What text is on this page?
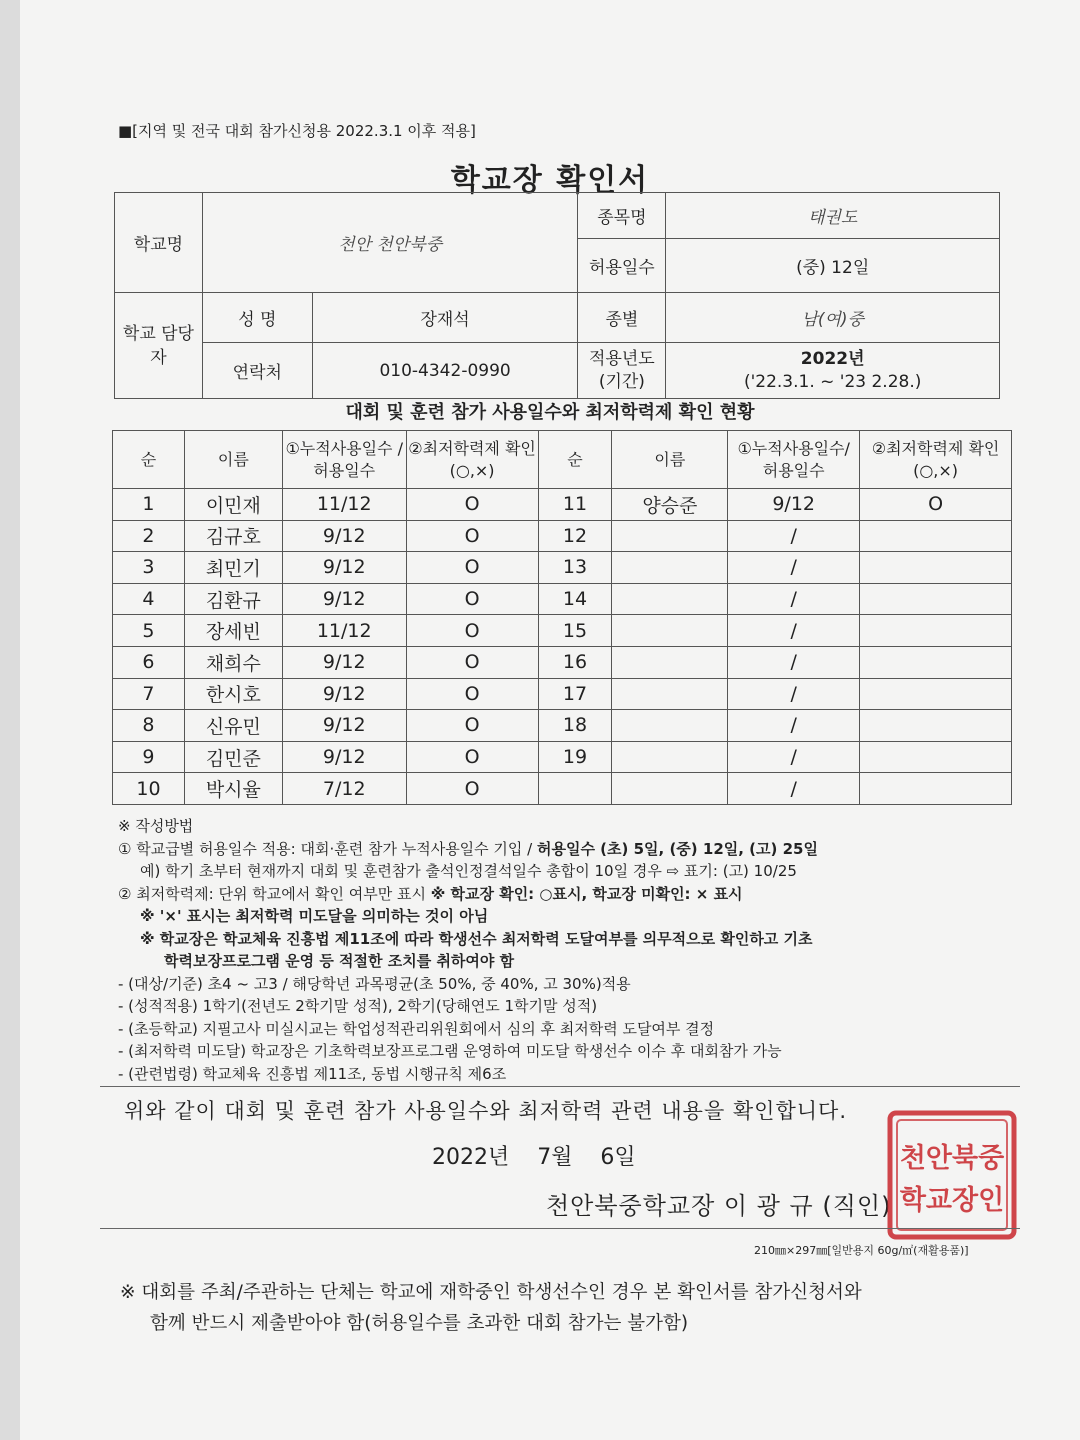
■[지역 및 전국 대회 참가신청용 2022.3.1 이후 적용]
학교장 확인서
학교명	천안 천안북중		종목명	태권도
			허용일수	(중) 12일
학교 담당자	성 명	장재석	종별	남(여)중
	연락처	010-4342-0990	적용년도 (기간)	2022년
('22.3.1. ~ '23 2.28.)
대회 및 훈련 참가 사용일수와 최저학력제 확인 현황
순	이름	①누적사용일수 /허용일수	②최저학력제 확인(○,×)	순	이름	①누적사용일수/ 허용일수	②최저학력제 확인(○,×)
1	이민재	11/12	O	11	양승준	9/12	O
2	김규호	9/12	O	12		/	
3	최민기	9/12	O	13		/	
4	김환규	9/12	O	14		/	
5	장세빈	11/12	O	15		/	
6	채희수	9/12	O	16		/	
7	한시호	9/12	O	17		/	
8	신유민	9/12	O	18		/	
9	김민준	9/12	O	19		/	
10	박시율	7/12	O			/	
※ 작성방법
① 학교급별 허용일수 적용: 대회·훈련 참가 누적사용일수 기입 / 허용일수 (초) 5일, (중) 12일, (고) 25일
예) 학기 초부터 현재까지 대회 및 훈련참가 출석인정결석일수 총합이 10일 경우 ⇨ 표기: (고) 10/25
② 최저학력제: 단위 학교에서 확인 여부만 표시 ※ 학교장 확인: ○표시, 학교장 미확인: × 표시
※ '×' 표시는 최저학력 미도달을 의미하는 것이 아님
※ 학교장은 학교체육 진흥법 제11조에 따라 학생선수 최저학력 도달여부를 의무적으로 확인하고 기초
학력보장프로그램 운영 등 적절한 조치를 취하여야 함
- (대상/기준) 초4 ~ 고3 / 해당학년 과목평균(초 50%, 중 40%, 고 30%)적용
- (성적적용) 1학기(전년도 2학기말 성적), 2학기(당해연도 1학기말 성적)
- (초등학교) 지필고사 미실시교는 학업성적관리위원회에서 심의 후 최저학력 도달여부 결정
- (최저학력 미도달) 학교장은 기초학력보장프로그램 운영하여 미도달 학생선수 이수 후 대회참가 가능
- (관련법령) 학교체육 진흥법 제11조, 동법 시행규칙 제6조
위와 같이 대회 및 훈련 참가 사용일수와 최저학력 관련 내용을 확인합니다.
2022년    7월    6일
천안북중학교장 이 광 규 (직인)
천안북중
학교장인
210㎜×297㎜[일반용지 60g/㎡(재활용품)]
※ 대회를 주최/주관하는 단체는 학교에 재학중인 학생선수인 경우 본 확인서를 참가신청서와
함께 반드시 제출받아야 함(허용일수를 초과한 대회 참가는 불가함)
